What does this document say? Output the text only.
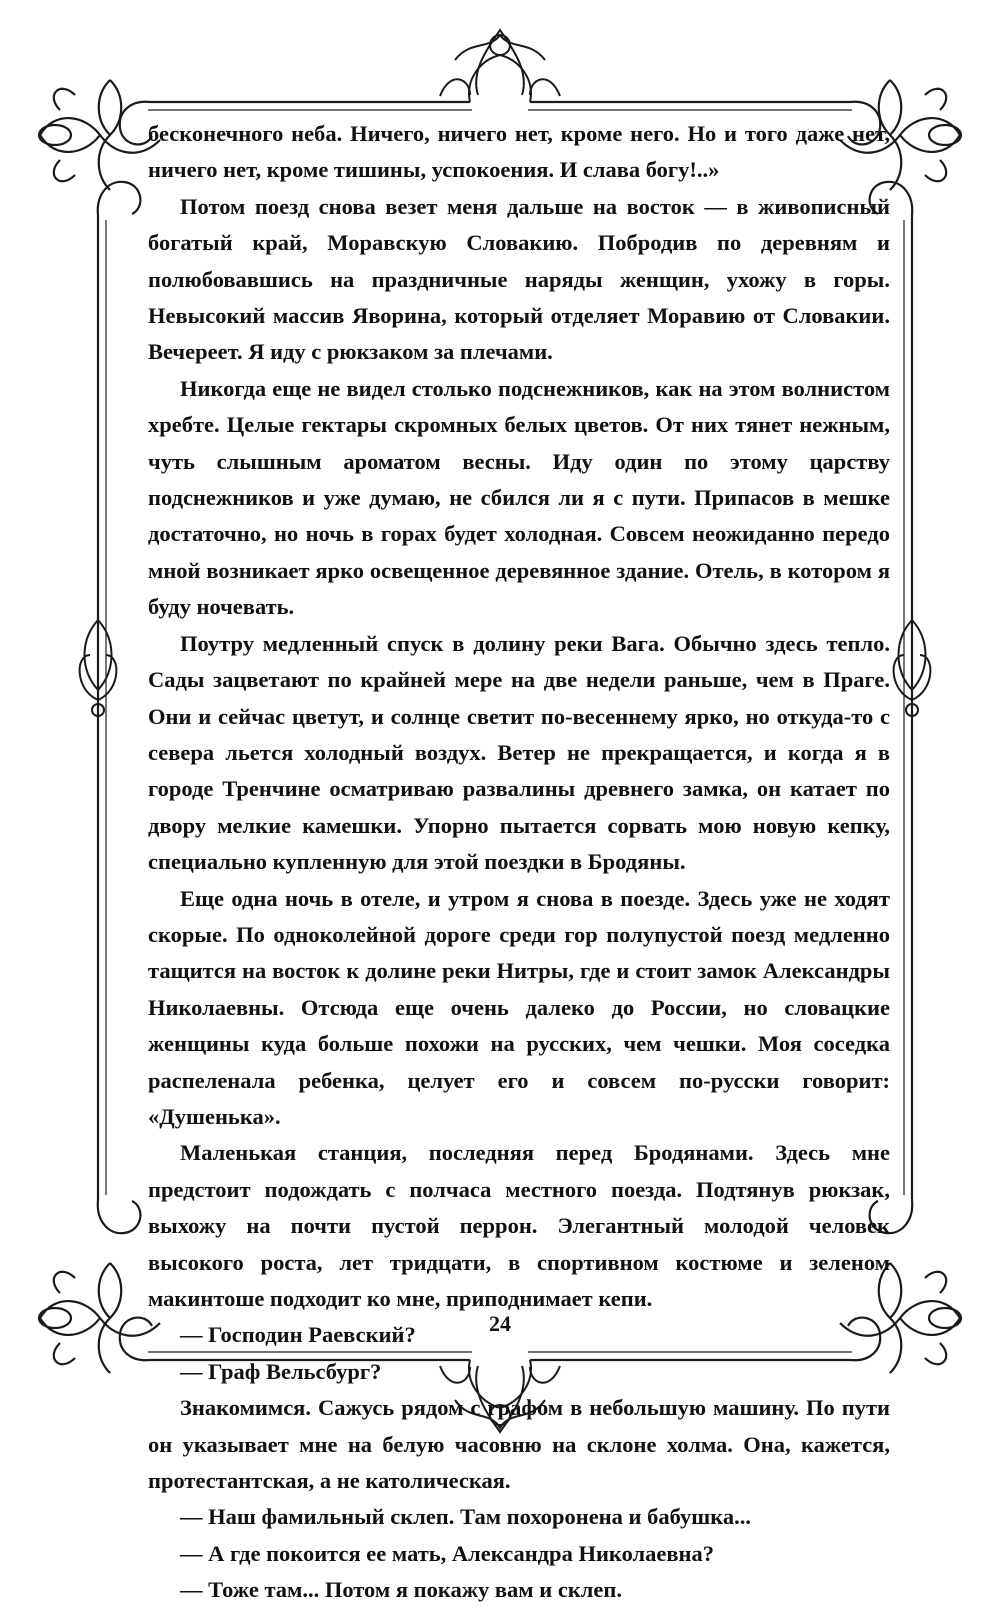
бесконечного неба. Ничего, ничего нет, кроме него. Но и того даже нет, ничего нет, кроме тишины, успокоения. И слава богу!..»

Потом поезд снова везет меня дальше на восток — в живописный богатый край, Моравскую Словакию. Побродив по деревням и полюбовавшись на праздничные наряды женщин, ухожу в горы. Невысокий массив Яворина, который отделяет Моравию от Словакии. Вечереет. Я иду с рюкзаком за плечами.

Никогда еще не видел столько подснежников, как на этом волнистом хребте. Целые гектары скромных белых цветов. От них тянет нежным, чуть слышным ароматом весны. Иду один по этому царству подснежников и уже думаю, не сбился ли я с пути. Припасов в мешке достаточно, но ночь в горах будет холодная. Совсем неожиданно передо мной возникает ярко освещенное деревянное здание. Отель, в котором я буду ночевать.

Поутру медленный спуск в долину реки Вага. Обычно здесь тепло. Сады зацветают по крайней мере на две недели раньше, чем в Праге. Они и сейчас цветут, и солнце светит по-весеннему ярко, но откуда-то с севера льется холодный воздух. Ветер не прекращается, и когда я в городе Тренчине осматриваю развалины древнего замка, он катает по двору мелкие камешки. Упорно пытается сорвать мою новую кепку, специально купленную для этой поездки в Бродяны.

Еще одна ночь в отеле, и утром я снова в поезде. Здесь уже не ходят скорые. По одноколейной дороге среди гор полупустой поезд медленно тащится на восток к долине реки Нитры, где и стоит замок Александры Николаевны. Отсюда еще очень далеко до России, но словацкие женщины куда больше похожи на русских, чем чешки. Моя соседка распеленала ребенка, целует его и совсем по-русски говорит: «Душенька».

Маленькая станция, последняя перед Бродянами. Здесь мне предстоит подождать с полчаса местного поезда. Подтянув рюкзак, выхожу на почти пустой перрон. Элегантный молодой человек высокого роста, лет тридцати, в спортивном костюме и зеленом макинтоше подходит ко мне, приподнимает кепи.

— Господин Раевский?

— Граф Вельсбург?

Знакомимся. Сажусь рядом с графом в небольшую машину. По пути он указывает мне на белую часовню на склоне холма. Она, кажется, протестантская, а не католическая.

— Наш фамильный склеп. Там похоронена и бабушка...

— А где покоится ее мать, Александра Николаевна?

— Тоже там... Потом я покажу вам и склеп.

24
